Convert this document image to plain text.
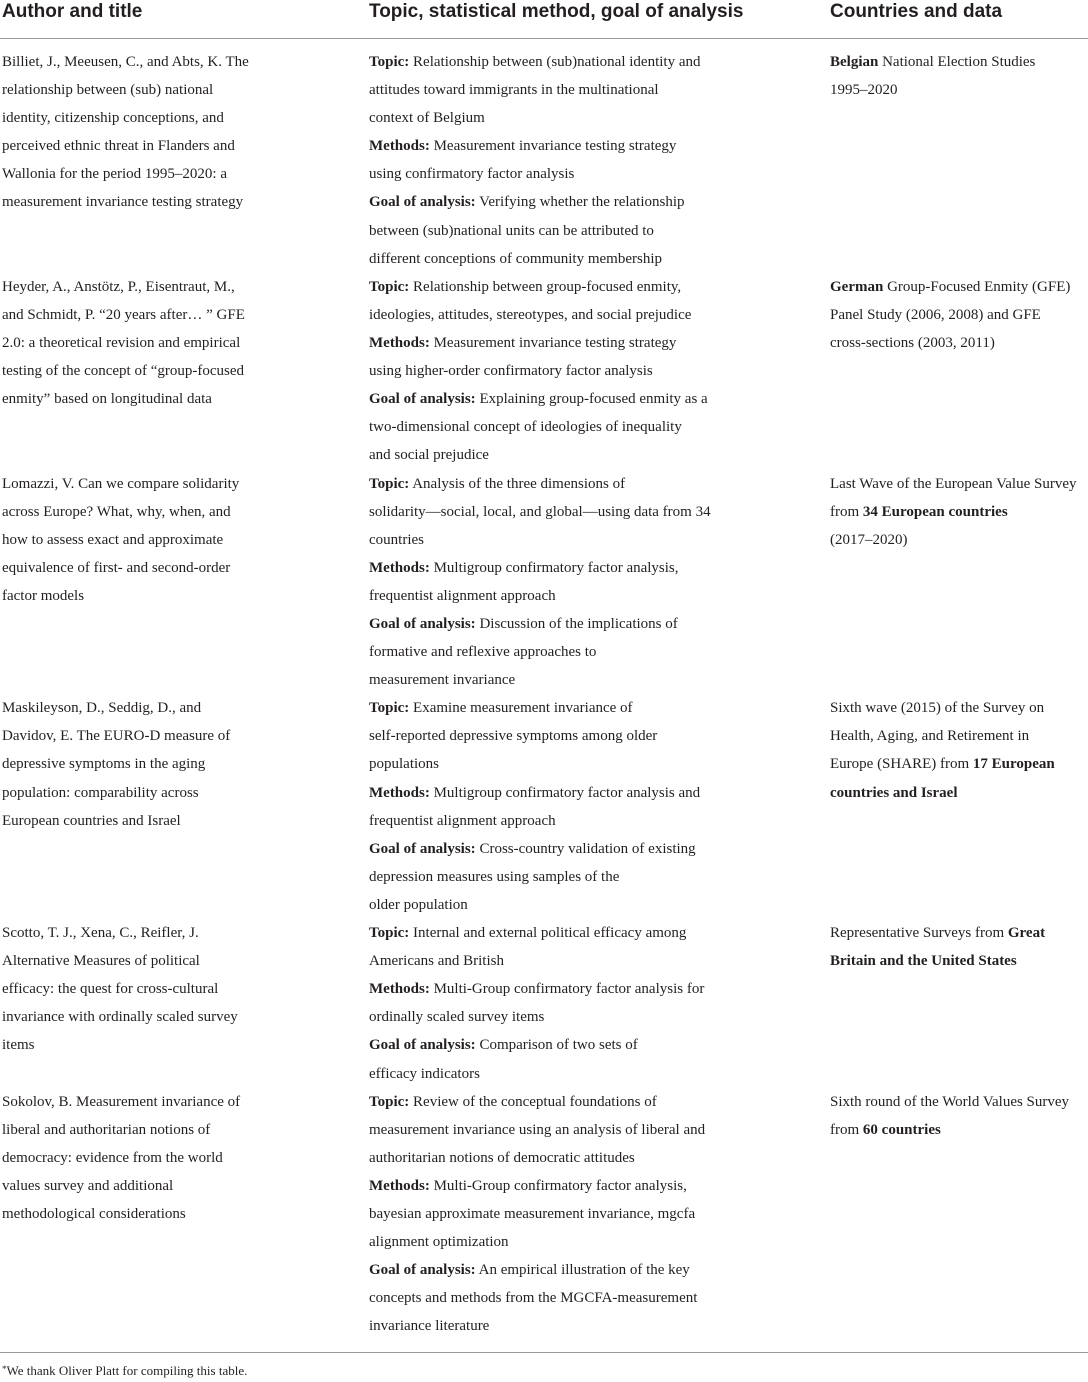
Author and title	Topic, statistical method, goal of analysis	Countries and data
Billiet, J., Meeusen, C., and Abts, K. The
relationship between (sub) national
identity, citizenship conceptions, and
perceived ethnic threat in Flanders and
Wallonia for the period 1995–2020: a
measurement invariance testing strategy
Topic: Relationship between (sub)national identity and
attitudes toward immigrants in the multinational
context of Belgium
Methods: Measurement invariance testing strategy
using confirmatory factor analysis
Goal of analysis: Verifying whether the relationship
between (sub)national units can be attributed to
different conceptions of community membership
Belgian National Election Studies
1995–2020
Heyder, A., Anstötz, P., Eisentraut, M.,
and Schmidt, P. “20 years after… ” GFE
2.0: a theoretical revision and empirical
testing of the concept of “group-focused
enmity” based on longitudinal data
Topic: Relationship between group-focused enmity,
ideologies, attitudes, stereotypes, and social prejudice
Methods: Measurement invariance testing strategy
using higher-order confirmatory factor analysis
Goal of analysis: Explaining group-focused enmity as a
two-dimensional concept of ideologies of inequality
and social prejudice
German Group-Focused Enmity (GFE)
Panel Study (2006, 2008) and GFE
cross-sections (2003, 2011)
Lomazzi, V. Can we compare solidarity
across Europe? What, why, when, and
how to assess exact and approximate
equivalence of first- and second-order
factor models
Topic: Analysis of the three dimensions of
solidarity—social, local, and global—using data from 34
countries
Methods: Multigroup confirmatory factor analysis,
frequentist alignment approach
Goal of analysis: Discussion of the implications of
formative and reflexive approaches to
measurement invariance
Last Wave of the European Value Survey
from 34 European countries
(2017–2020)
Maskileyson, D., Seddig, D., and
Davidov, E. The EURO-D measure of
depressive symptoms in the aging
population: comparability across
European countries and Israel
Topic: Examine measurement invariance of
self-reported depressive symptoms among older
populations
Methods: Multigroup confirmatory factor analysis and
frequentist alignment approach
Goal of analysis: Cross-country validation of existing
depression measures using samples of the
older population
Sixth wave (2015) of the Survey on
Health, Aging, and Retirement in
Europe (SHARE) from 17 European
countries and Israel
Scotto, T. J., Xena, C., Reifler, J.
Alternative Measures of political
efficacy: the quest for cross-cultural
invariance with ordinally scaled survey
items
Topic: Internal and external political efficacy among
Americans and British
Methods: Multi-Group confirmatory factor analysis for
ordinally scaled survey items
Goal of analysis: Comparison of two sets of
efficacy indicators
Representative Surveys from Great
Britain and the United States
Sokolov, B. Measurement invariance of
liberal and authoritarian notions of
democracy: evidence from the world
values survey and additional
methodological considerations
Topic: Review of the conceptual foundations of
measurement invariance using an analysis of liberal and
authoritarian notions of democratic attitudes
Methods: Multi-Group confirmatory factor analysis,
bayesian approximate measurement invariance, mgcfa
alignment optimization
Goal of analysis: An empirical illustration of the key
concepts and methods from the MGCFA-measurement
invariance literature
Sixth round of the World Values Survey
from 60 countries
*We thank Oliver Platt for compiling this table.
